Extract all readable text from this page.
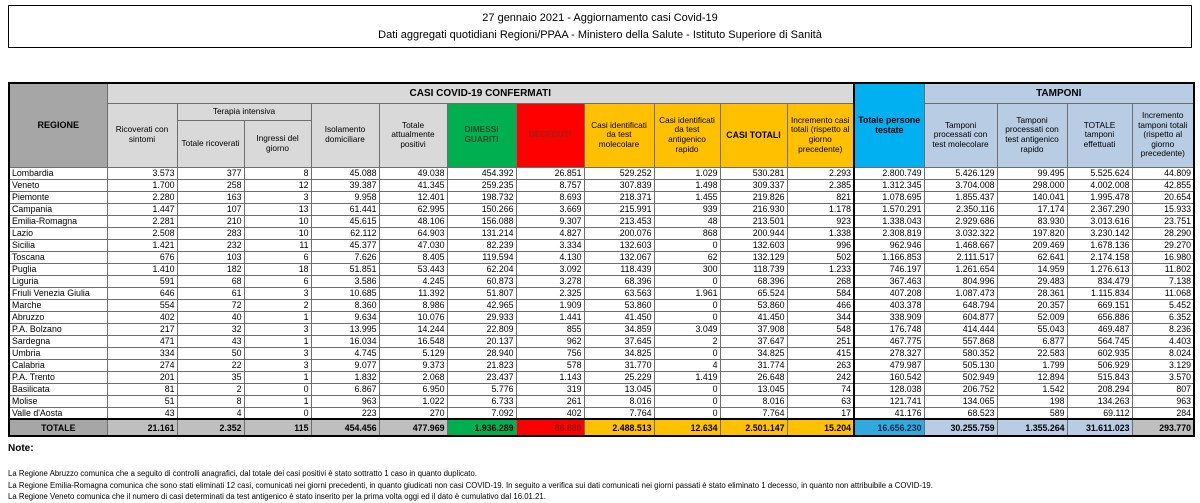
27 gennaio 2021 - Aggiornamento casi Covid-19
Dati aggregati quotidiani Regioni/PPAA - Ministero della Salute - Istituto Superiore di Sanità
REGIONE	CASI COVID-19 CONFERMATI											Totale persone testate	TAMPONI			
	Ricoverati con sintomi	Terapia intensiva		Isolamento domiciliare	Totale attualmente positivi	DIMESSI GUARITI	DECEDUTI	Casi identificati da test molecolare	Casi identificati da test antigenico rapido	CASI TOTALI	Incremento casi totali (rispetto al giorno precedente)		Tamponi processati con test molecolare	Tamponi processati con test antigenico rapido	TOTALE tamponi effettuati	Incremento tamponi totali (rispetto al giorno precedente)
		Totale ricoverati	Ingressi del giorno													
Lombardia	3.573	377	8	45.088	49.038	454.392	26.851	529.252	1.029	530.281	2.293	2.800.749	5.426.129	99.495	5.525.624	44.809
Veneto	1.700	258	12	39.387	41.345	259.235	8.757	307.839	1.498	309.337	2.385	1.312.345	3.704.008	298.000	4.002.008	42.855
Piemonte	2.280	163	3	9.958	12.401	198.732	8.693	218.371	1.455	219.826	821	1.078.695	1.855.437	140.041	1.995.478	20.654
Campania	1.447	107	13	61.441	62.995	150.266	3.669	215.991	939	216.930	1.178	1.570.291	2.350.116	17.174	2.367.290	15.933
Emilia-Romagna	2.281	210	10	45.615	48.106	156.088	9.307	213.453	48	213.501	923	1.338.043	2.929.686	83.930	3.013.616	23.751
Lazio	2.508	283	10	62.112	64.903	131.214	4.827	200.076	868	200.944	1.338	2.308.819	3.032.322	197.820	3.230.142	28.290
Sicilia	1.421	232	11	45.377	47.030	82.239	3.334	132.603	0	132.603	996	962.946	1.468.667	209.469	1.678.136	29.270
Toscana	676	103	6	7.626	8.405	119.594	4.130	132.067	62	132.129	502	1.166.853	2.111.517	62.641	2.174.158	16.980
Puglia	1.410	182	18	51.851	53.443	62.204	3.092	118.439	300	118.739	1.233	746.197	1.261.654	14.959	1.276.613	11.802
Liguria	591	68	6	3.586	4.245	60.873	3.278	68.396	0	68.396	268	367.463	804.996	29.483	834.479	7.138
Friuli Venezia Giulia	646	61	3	10.685	11.392	51.807	2.325	63.563	1.961	65.524	584	407.208	1.087.473	28.361	1.115.834	11.068
Marche	554	72	2	8.360	8.986	42.965	1.909	53.860	0	53.860	466	403.378	648.794	20.357	669.151	5.452
Abruzzo	402	40	1	9.634	10.076	29.933	1.441	41.450	0	41.450	344	338.909	604.877	52.009	656.886	6.352
P.A. Bolzano	217	32	3	13.995	14.244	22.809	855	34.859	3.049	37.908	548	176.748	414.444	55.043	469.487	8.236
Sardegna	471	43	1	16.034	16.548	20.137	962	37.645	2	37.647	251	467.775	557.868	6.877	564.745	4.403
Umbria	334	50	3	4.745	5.129	28.940	756	34.825	0	34.825	415	278.327	580.352	22.583	602.935	8.024
Calabria	274	22	3	9.077	9.373	21.823	578	31.770	4	31.774	263	479.987	505.130	1.799	506.929	3.129
P.A. Trento	201	35	1	1.832	2.068	23.437	1.143	25.229	1.419	26.648	242	160.542	502.949	12.894	515.843	3.570
Basilicata	81	2	0	6.867	6.950	5.776	319	13.045	0	13.045	74	128.038	206.752	1.542	208.294	807
Molise	51	8	1	963	1.022	6.733	261	8.016	0	8.016	63	121.741	134.065	198	134.263	963
Valle d'Aosta	43	4	0	223	270	7.092	402	7.764	0	7.764	17	41.176	68.523	589	69.112	284
TOTALE	21.161	2.352	115	454.456	477.969	1.936.289	86.889	2.488.513	12.634	2.501.147	15.204	16.656.230	30.255.759	1.355.264	31.611.023	293.770

Note:

La Regione Abruzzo comunica che a seguito di controlli anagrafici, dal totale dei casi positivi è stato sottratto 1 caso in quanto duplicato.

La Regione Emilia-Romagna comunica che sono stati eliminati 12 casi, comunicati nei giorni precedenti, in quanto giudicati non casi COVID-19. In seguito a verifica sui dati comunicati nei giorni passati è stato eliminato 1 decesso, in quanto non attribuibile a COVID-19.

La Regione Veneto comunica che il numero di casi determinati da test antigenico è stato inserito per la prima volta oggi ed il dato è cumulativo dal 16.01.21.
